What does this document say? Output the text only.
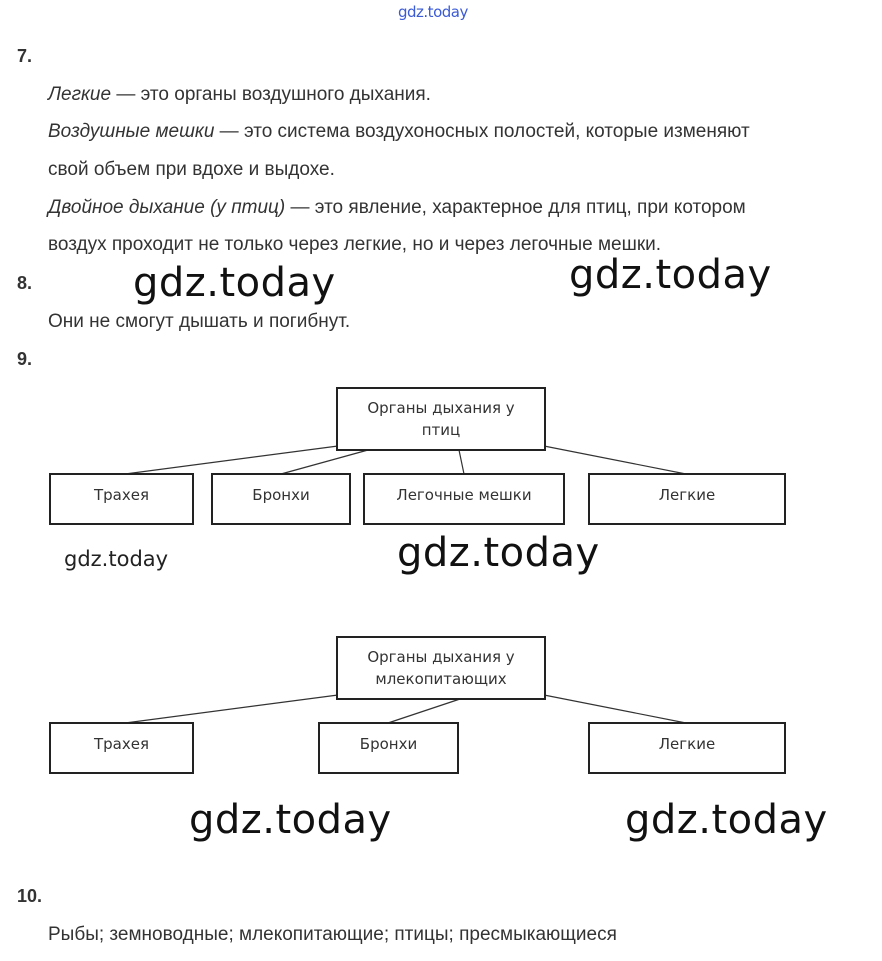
gdz.today
7.
Легкие — это органы воздушного дыхания.
Воздушные мешки — это система воздухоносных полостей, которые изменяют
свой объем при вдохе и выдохе.
Двойное дыхание (у птиц) — это явление, характерное для птиц, при котором
воздух проходит не только через легкие, но и через легочные мешки.
8.	gdz.today	gdz.today
Они не смогут дышать и погибнут.
9.
Органы дыхания у
птиц
Трахея	Бронхи	Легочные мешки	Легкие
gdz.today	gdz.today
Органы дыхания у
млекопитающих
Трахея	Бронхи	Легкие
gdz.today	gdz.today
10.
Рыбы; земноводные; млекопитающие; птицы; пресмыкающиеся
